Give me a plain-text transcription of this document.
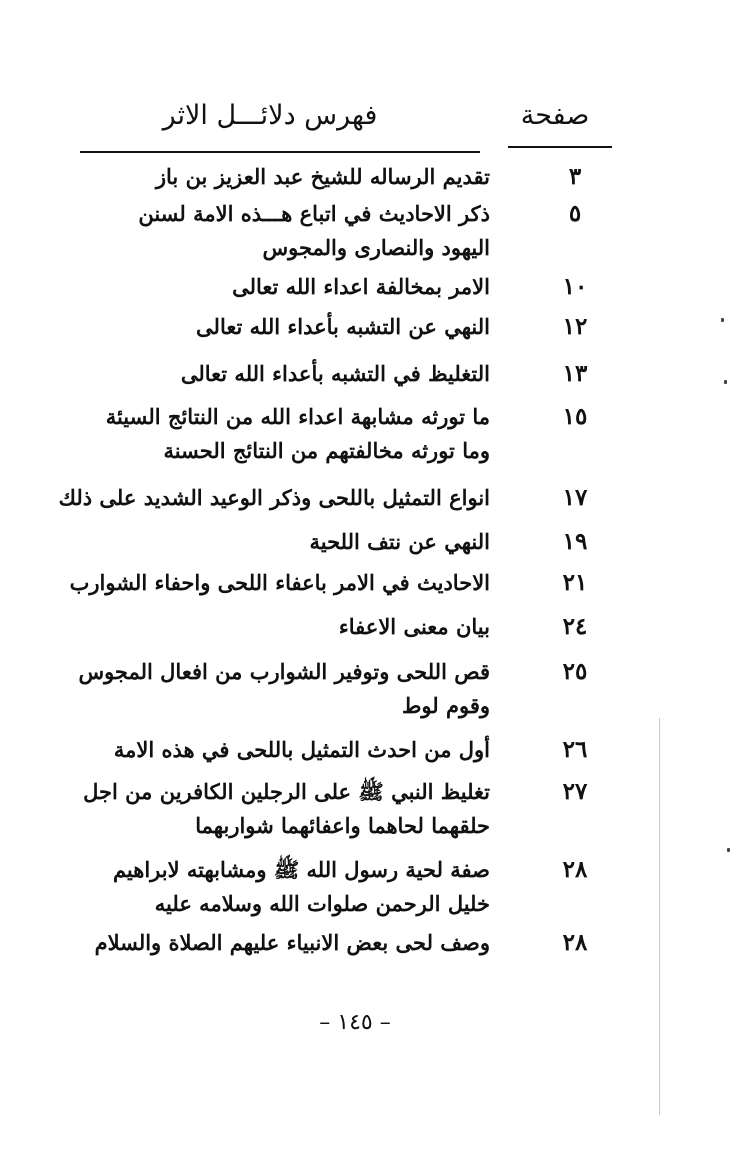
فهرس دلائـــل الاثر	صفحة
٣
تقديم الرساله للشيخ عبد العزيز بن باز
٥
ذكر الاحاديث في اتباع هـــذه الامة لسنن
اليهود والنصارى والمجوس
١٠
الامر بمخالفة اعداء الله تعالى
١٢
النهي عن التشبه بأعداء الله تعالى
١٣
التغليظ في التشبه بأعداء الله تعالى
١٥
ما تورثه مشابهة اعداء الله من النتائج السيئة
وما تورثه مخالفتهم من النتائج الحسنة
١٧
انواع التمثيل باللحى وذكر الوعيد الشديد على ذلك
١٩
النهي عن نتف اللحية
٢١
الاحاديث في الامر باعفاء اللحى واحفاء الشوارب
٢٤
بيان معنى الاعفاء
٢٥
قص اللحى وتوفير الشوارب من افعال المجوس
وقوم لوط
٢٦
أول من احدث التمثيل باللحى في هذه الامة
٢٧
تغليظ النبي ﷺ على الرجلين الكافرين من اجل
حلقهما لحاهما واعفائهما شواربهما
٢٨
صفة لحية رسول الله ﷺ ومشابهته لابراهيم
خليل الرحمن صلوات الله وسلامه عليه
٢٨
وصف لحى بعض الانبياء عليهم الصلاة والسلام
– ١٤٥ –
